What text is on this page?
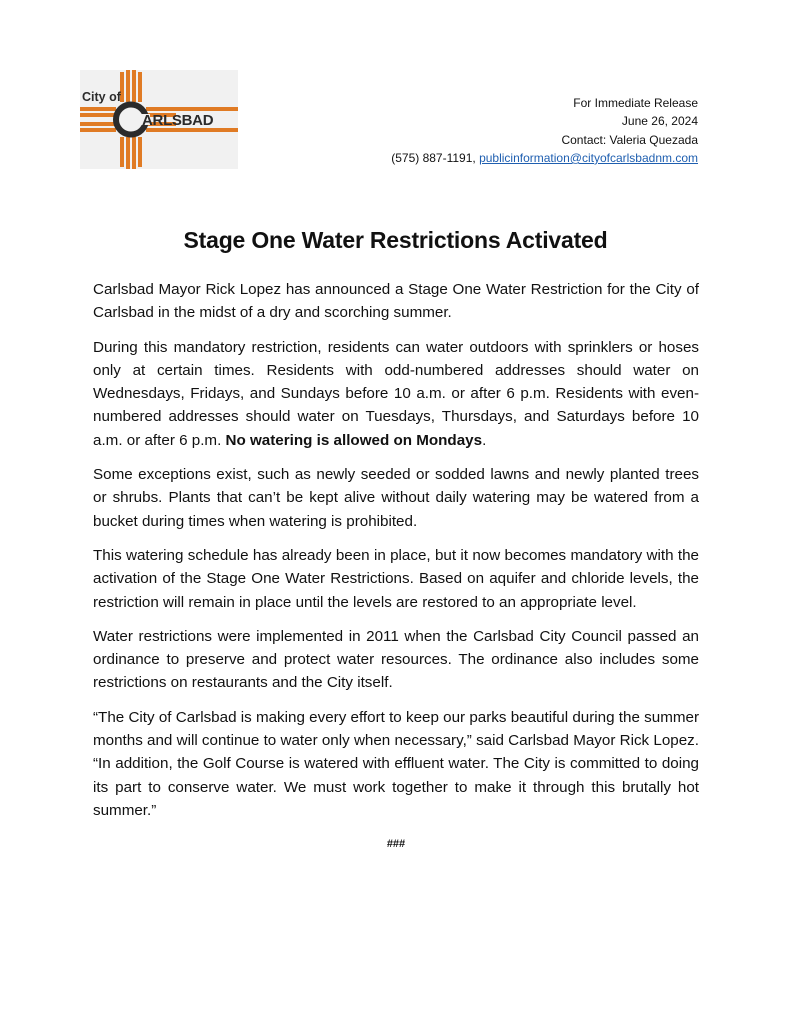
City of
ARLSBAD
For Immediate Release
June 26, 2024
Contact: Valeria Quezada
(575) 887-1191, publicinformation@cityofcarlsbadnm.com
Stage One Water Restrictions Activated

Carlsbad Mayor Rick Lopez has announced a Stage One Water Restriction for the City of Carlsbad in the midst of a dry and scorching summer.

During this mandatory restriction, residents can water outdoors with sprinklers or hoses only at certain times. Residents with odd-numbered addresses should water on Wednesdays, Fridays, and Sundays before 10 a.m. or after 6 p.m. Residents with even-numbered addresses should water on Tuesdays, Thursdays, and Saturdays before 10 a.m. or after 6 p.m. No watering is allowed on Mondays.

Some exceptions exist, such as newly seeded or sodded lawns and newly planted trees or shrubs. Plants that can’t be kept alive without daily watering may be watered from a bucket during times when watering is prohibited.

This watering schedule has already been in place, but it now becomes mandatory with the activation of the Stage One Water Restrictions. Based on aquifer and chloride levels, the restriction will remain in place until the levels are restored to an appropriate level.

Water restrictions were implemented in 2011 when the Carlsbad City Council passed an ordinance to preserve and protect water resources. The ordinance also includes some restrictions on restaurants and the City itself.

“The City of Carlsbad is making every effort to keep our parks beautiful during the summer months and will continue to water only when necessary,” said Carlsbad Mayor Rick Lopez. “In addition, the Golf Course is watered with effluent water. The City is committed to doing its part to conserve water. We must work together to make it through this brutally hot summer.”

###
